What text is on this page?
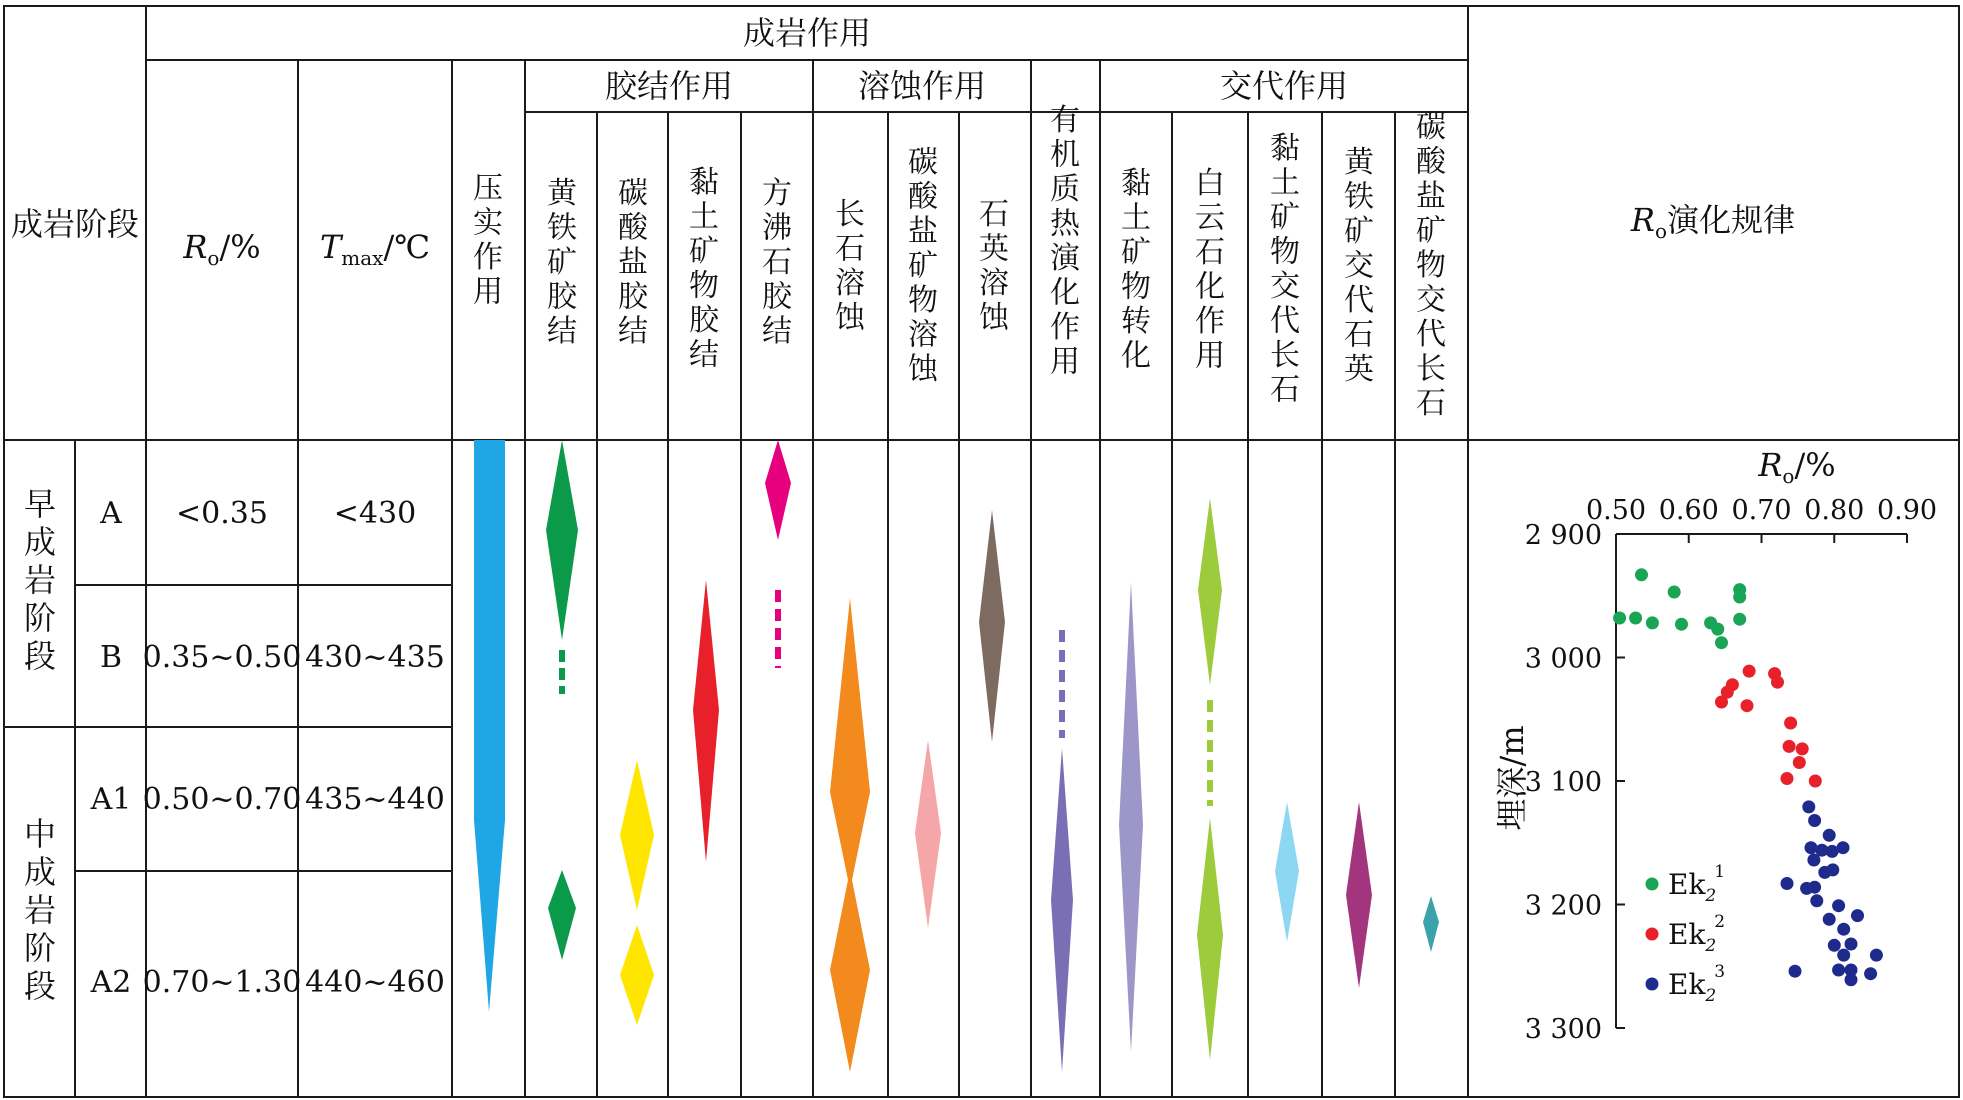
成岩阶段
成岩作用
$R_o/\%$ $T_{max}/℃$
胶结作用	溶蚀作用	交代作用
$R_o$演化规律
压实作用
黄铁矿胶结
碳酸盐胶结
黏土矿物胶结
方沸石胶结
长石溶蚀
碳酸盐矿物溶蚀
石英溶蚀
有机质热演化作用
黏土矿物转化
白云石化作用
黏土矿物交代长石
黄铁矿交代石英
碳酸盐矿物交代长石
早成岩阶段
中成岩阶段
A <0.35 <430
B 0.35~0.50 430~435
A1 0.50~0.70 435~440
A2 0.70~1.30 440~460
$R_o/\%$
埋深/m
0.50 0.60 0.70 0.80 0.90
2 900
3 000
3 100
3 200
3 300
$Ek_21$
$Ek_22$
$Ek_23$
